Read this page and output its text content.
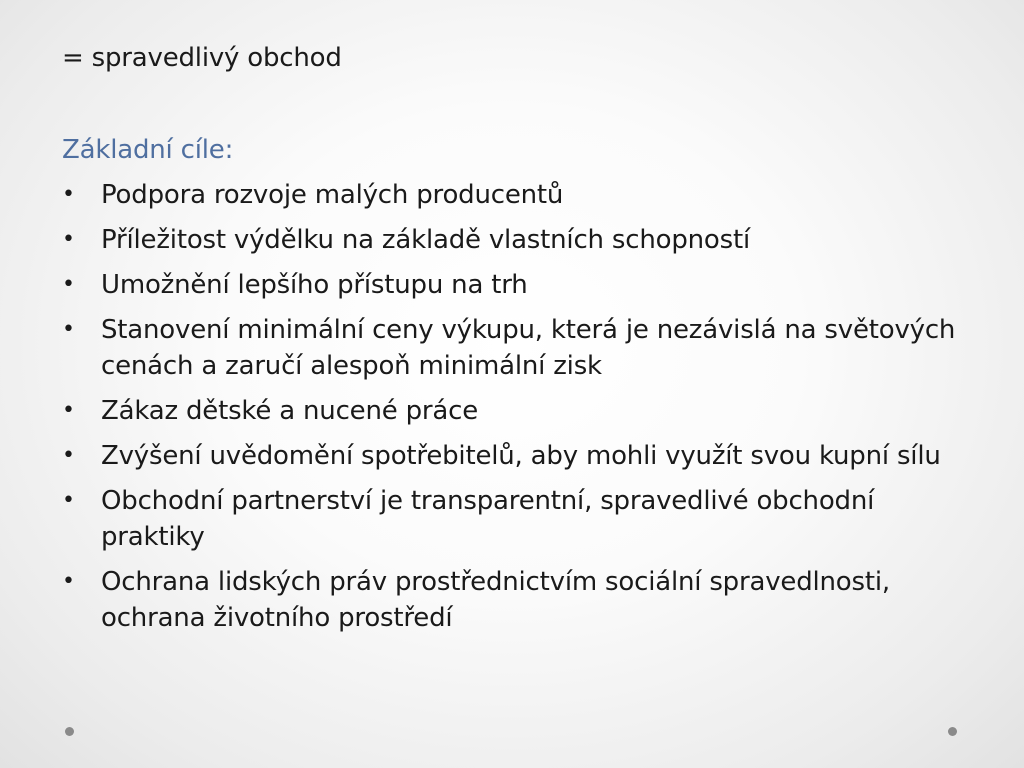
= spravedlivý obchod
Základní cíle:
• Podpora rozvoje malých producentů
• Příležitost výdělku na základě vlastních schopností
• Umožnění lepšího přístupu na trh
• Stanovení minimální ceny výkupu, která je nezávislá na světových cenách a zaručí alespoň minimální zisk
• Zákaz dětské a nucené práce
• Zvýšení uvědomění spotřebitelů, aby mohli využít svou kupní sílu
• Obchodní partnerství je transparentní, spravedlivé obchodní praktiky
• Ochrana lidských práv prostřednictvím sociální spravedlnosti, ochrana životního prostředí
